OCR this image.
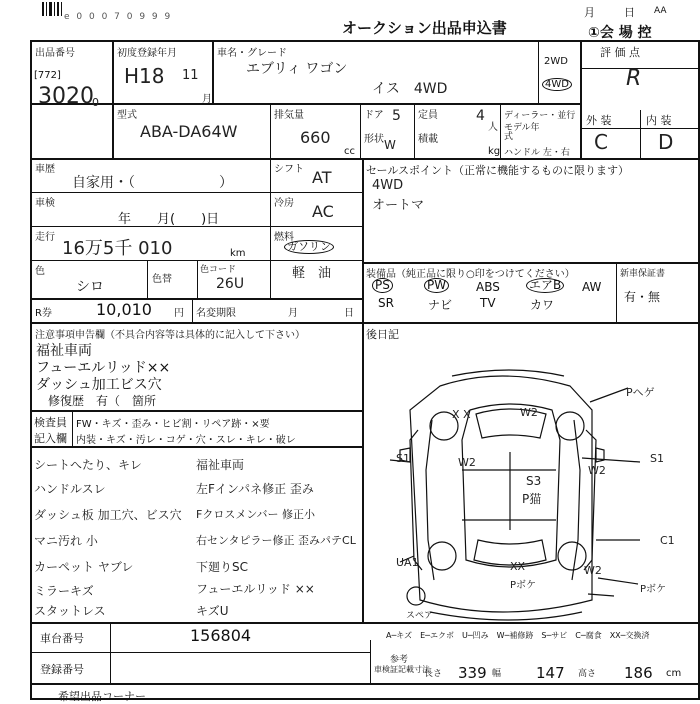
e 0 0 0 7 0 9 9 9
オークション出品申込書
月	日 AA
①会 場 控
出品番号
[772]
3020
0
初度登録年月
H18 11
月
車名・グレード
エブリィ ワゴン
イス　4WD
2WD
4WD
評 価 点
R
型式
ABA-DA64W
排気量
660
cc
ドア 5
形状 W
定員	4
人
積載
kg
ディーラー・並行
モデル年式
ハンドル 左・右
外 装	内 装
C	D
車歴
自家用・（　　　　　　）
シフト AT
車検
年　　月(　　)日
冷房 AC
走行
16万5千 010	km
燃料
ガソリン
軽　油
色
シロ	色替
色コード
26U
R券	10,010 円 名変期限	月	日
セールスポイント（正常に機能するものに限ります）
4WD
オートマ
装備品（純正品に限り○印をつけてください）	新車保証書
有・無
PS	PW ABS エアB AW
SR	ナビ TV	カワ
後日記
注意事項申告欄（不具合内容等は具体的に記入して下さい）
福祉車両
フューエルリッド××
ダッシュ加工ビス穴
　修復歴　有（　箇所
検査員 FW・キズ・歪み・ヒビ割・リペア跡・×要
記入欄 内装・キズ・汚レ・コゲ・穴・スレ・キレ・破レ
シートへたり、キレ
ハンドルスレ
ダッシュ板 加工穴、ビス穴
マニ汚れ 小
カーペット ヤブレ
ミラーキズ
スタットレス
福祉車両
左Fインパネ修正 歪み
Fクロスメンバー 修正小
右センタピラー修正 歪みパテCL
下廻りSC
フューエルリッド ××
キズU
Pヘゲ
W2
X X
S1	W2
S3
P猫
W2
S1
C1
UA1	XX
Pボケ
W2
Pボケ
スペア
車台番号	156804
登録番号
A─キズ　E─エクボ　U─凹み　W─補修跡　S─サビ　C─腐食　XX─交換済
参考
車検証記載寸法
長さ 339 幅 147 高さ 186 cm
希望出品コーナー
